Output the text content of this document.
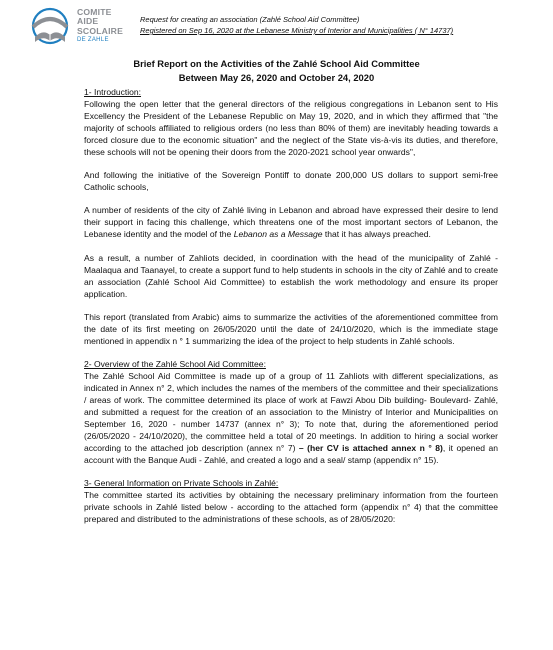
COMITE
AIDE
SCOLAIRE
DE ZAHLE
Request for creating an association (Zahlé School Aid Committee)
Registered on Sep 16, 2020 at the Lebanese Ministry of Interior and Municipalities ( N° 14737)
Brief Report on the Activities of the Zahlé School Aid Committee
Between May 26, 2020 and October 24, 2020
1- Introduction:

Following the open letter that the general directors of the religious congregations in Lebanon sent to His Excellency the President of the Lebanese Republic on May 19, 2020, and in which they affirmed that "the majority of schools affiliated to religious orders (no less than 80% of them) are inevitably heading towards a forced closure due to the economic situation" and the neglect of the State vis-à-vis its duties, and therefore, these schools will not be opening their doors from the 2020-2021 school year onwards",

And following the initiative of the Sovereign Pontiff to donate 200,000 US dollars to support semi-free Catholic schools,

A number of residents of the city of Zahlé living in Lebanon and abroad have expressed their desire to lend their support in facing this challenge, which threatens one of the most important sectors of Lebanon, the Lebanese identity and the model of the Lebanon as a Message that it has always preached.

As a result, a number of Zahliots decided, in coordination with the head of the municipality of Zahlé - Maalaqua and Taanayel, to create a support fund to help students in schools in the city of Zahlé and to create an association (Zahlé School Aid Committee) to establish the work methodology and ensure its proper application.

This report (translated from Arabic) aims to summarize the activities of the aforementioned committee from the date of its first meeting on 26/05/2020 until the date of 24/10/2020, which is the immediate stage mentioned in appendix n ° 1 summarizing the idea of the project to help students in Zahlé schools.

2- Overview of the Zahlé School Aid Committee:

The Zahlé School Aid Committee is made up of a group of 11 Zahliots with different specializations, as indicated in Annex n° 2, which includes the names of the members of the committee and their specializations / areas of work. The committee determined its place of work at Fawzi Abou Dib building- Boulevard- Zahlé, and submitted a request for the creation of an association to the Ministry of Interior and Municipalities on September 16, 2020 - number 14737 (annex n° 3); To note that, during the aforementioned period (26/05/2020 - 24/10/2020), the committee held a total of 20 meetings. In addition to hiring a social worker according to the attached job description (annex n° 7) – (her CV is attached annex n ° 8), it opened an account with the Banque Audi - Zahlé, and created a logo and a seal/ stamp (appendix n° 15).

3- General Information on Private Schools in Zahlé:

The committee started its activities by obtaining the necessary preliminary information from the fourteen private schools in Zahlé listed below - according to the attached form (appendix n° 4) that the committee prepared and distributed to the administrations of these schools, as of 28/05/2020:
